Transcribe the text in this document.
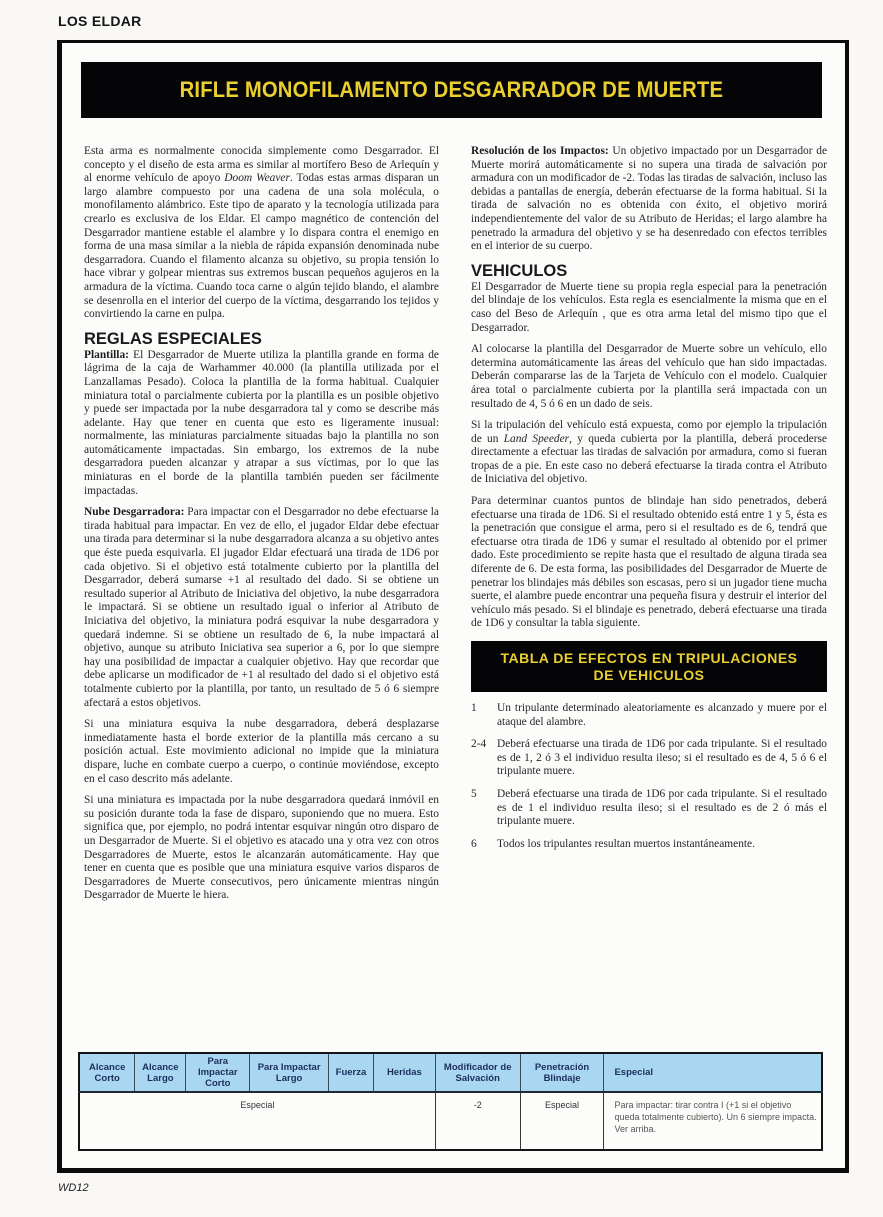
LOS ELDAR
RIFLE MONOFILAMENTO DESGARRADOR DE MUERTE

Esta arma es normalmente conocida simplemente como Desgarrador. El concepto y el diseño de esta arma es similar al mortífero Beso de Arlequín y al enorme vehículo de apoyo Doom Weaver. Todas estas armas disparan un largo alambre compuesto por una cadena de una sola molécula, o monofilamento alámbrico. Este tipo de aparato y la tecnología utilizada para crearlo es exclusiva de los Eldar. El campo magnético de contención del Desgarrador mantiene estable el alambre y lo dispara contra el enemigo en forma de una masa similar a la niebla de rápida expansión denominada nube desgarradora. Cuando el filamento alcanza su objetivo, su propia tensión lo hace vibrar y golpear mientras sus extremos buscan pequeños agujeros en la armadura de la víctima. Cuando toca carne o algún tejido blando, el alambre se desenrolla en el interior del cuerpo de la víctima, desgarrando los tejidos y convirtiendo la carne en pulpa.

REGLAS ESPECIALES

Plantilla: El Desgarrador de Muerte utiliza la plantilla grande en forma de lágrima de la caja de Warhammer 40.000 (la plantilla utilizada por el Lanzallamas Pesado). Coloca la plantilla de la forma habitual. Cualquier miniatura total o parcialmente cubierta por la plantilla es un posible objetivo y puede ser impactada por la nube desgarradora tal y como se describe más adelante. Hay que tener en cuenta que esto es ligeramente inusual: normalmente, las miniaturas parcialmente situadas bajo la plantilla no son automáticamente impactadas. Sin embargo, los extremos de la nube desgarradora pueden alcanzar y atrapar a sus víctimas, por lo que las miniaturas en el borde de la plantilla también pueden ser fácilmente impactadas.

Nube Desgarradora: Para impactar con el Desgarrador no debe efectuarse la tirada habitual para impactar. En vez de ello, el jugador Eldar debe efectuar una tirada para determinar si la nube desgarradora alcanza a su objetivo antes que éste pueda esquivarla. El jugador Eldar efectuará una tirada de 1D6 por cada objetivo. Si el objetivo está totalmente cubierto por la plantilla del Desgarrador, deberá sumarse +1 al resultado del dado. Si se obtiene un resultado superior al Atributo de Iniciativa del objetivo, la nube desgarradora le impactará. Si se obtiene un resultado igual o inferior al Atributo de Iniciativa del objetivo, la miniatura podrá esquivar la nube desgarradora y quedará indemne. Si se obtiene un resultado de 6, la nube impactará al objetivo, aunque su atributo Iniciativa sea superior a 6, por lo que siempre hay una posibilidad de impactar a cualquier objetivo. Hay que recordar que debe aplicarse un modificador de +1 al resultado del dado si el objetivo está totalmente cubierto por la plantilla, por tanto, un resultado de 5 ó 6 siempre afectará a estos objetivos.

Si una miniatura esquiva la nube desgarradora, deberá desplazarse inmediatamente hasta el borde exterior de la plantilla más cercano a su posición actual. Este movimiento adicional no impide que la miniatura dispare, luche en combate cuerpo a cuerpo, o continúe moviéndose, excepto en el caso descrito más adelante.

Si una miniatura es impactada por la nube desgarradora quedará inmóvil en su posición durante toda la fase de disparo, suponiendo que no muera. Esto significa que, por ejemplo, no podrá intentar esquivar ningún otro disparo de un Desgarrador de Muerte. Si el objetivo es atacado una y otra vez con otros Desgarradores de Muerte, estos le alcanzarán automáticamente. Hay que tener en cuenta que es posible que una miniatura esquive varios disparos de Desgarradores de Muerte consecutivos, pero únicamente mientras ningún Desgarrador de Muerte le hiera.

Resolución de los Impactos: Un objetivo impactado por un Desgarrador de Muerte morirá automáticamente si no supera una tirada de salvación por armadura con un modificador de -2. Todas las tiradas de salvación, incluso las debidas a pantallas de energía, deberán efectuarse de la forma habitual. Si la tirada de salvación no es obtenida con éxito, el objetivo morirá independientemente del valor de su Atributo de Heridas; el largo alambre ha penetrado la armadura del objetivo y se ha desenredado con efectos terribles en el interior de su cuerpo.

VEHICULOS

El Desgarrador de Muerte tiene su propia regla especial para la penetración del blindaje de los vehículos. Esta regla es esencialmente la misma que en el caso del Beso de Arlequín , que es otra arma letal del mismo tipo que el Desgarrador.

Al colocarse la plantilla del Desgarrador de Muerte sobre un vehículo, ello determina automáticamente las áreas del vehículo que han sido impactadas. Deberán compararse las de la Tarjeta de Vehículo con el modelo. Cualquier área total o parcialmente cubierta por la plantilla será impactada con un resultado de 4, 5 ó 6 en un dado de seis.

Si la tripulación del vehículo está expuesta, como por ejemplo la tripulación de un Land Speeder, y queda cubierta por la plantilla, deberá procederse directamente a efectuar las tiradas de salvación por armadura, como si fueran tropas de a pie. En este caso no deberá efectuarse la tirada contra el Atributo de Iniciativa del objetivo.

Para determinar cuantos puntos de blindaje han sido penetrados, deberá efectuarse una tirada de 1D6. Si el resultado obtenido está entre 1 y 5, ésta es la penetración que consigue el arma, pero si el resultado es de 6, tendrá que efectuarse otra tirada de 1D6 y sumar el resultado al obtenido por el primer dado. Este procedimiento se repite hasta que el resultado de alguna tirada sea diferente de 6. De esta forma, las posibilidades del Desgarrador de Muerte de penetrar los blindajes más débiles son escasas, pero si un jugador tiene mucha suerte, el alambre puede encontrar una pequeña fisura y destruir el interior del vehículo más pesado. Si el blindaje es penetrado, deberá efectuarse una tirada de 1D6 y consultar la tabla siguiente.

TABLA DE EFECTOS EN TRIPULACIONES
DE VEHICULOS
1	Un tripulante determinado aleatoriamente es alcanzado y muere por el ataque del alambre.
2-4 Deberá efectuarse una tirada de 1D6 por cada tripulante. Si el resultado es de 1, 2 ó 3 el individuo resulta ileso; si el resultado es de 4, 5 ó 6 el tripulante muere.
5	Deberá efectuarse una tirada de 1D6 por cada tripulante. Si el resultado es de 1 el individuo resulta ileso; si el resultado es de 2 ó más el tripulante muere.
6	Todos los tripulantes resultan muertos instantáneamente.
Alcance Corto	Alcance Largo	Para Impactar Corto	Para Impactar Largo	Fuerza	Heridas	Modificador de Salvación	Penetración Blindaje	Especial
Especial						-2	Especial	Para impactar: tirar contra I (+1 si el objetivo queda totalmente cubierto). Un 6 siempre impacta. Ver arriba.
WD12
